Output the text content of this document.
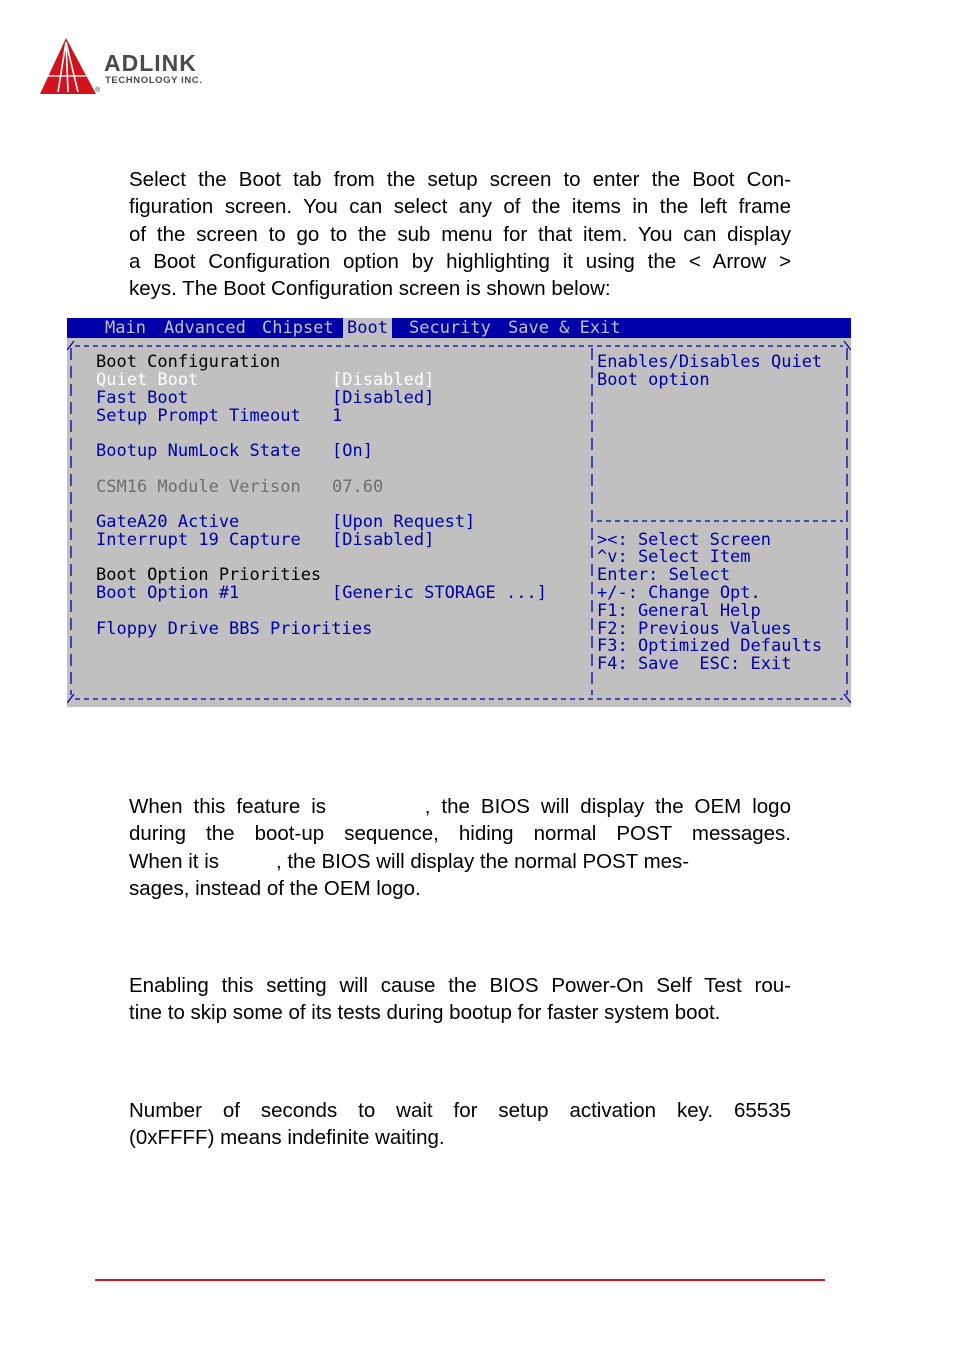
ADLINK
TECHNOLOGY INC.
®
Select the Boot tab from the setup screen to enter the Boot Con-
figuration screen. You can select any of the items in the left frame
of the screen to go to the sub menu for that item. You can display
a Boot Configuration option by highlighting it using the < Arrow >
keys. The Boot Configuration screen is shown below:
Main Advanced Chipset Boot Security Save & Exit
Boot Configuration
Quiet Boot	[Disabled]
Fast Boot	[Disabled]
Setup Prompt Timeout 1
Bootup NumLock State [On]
CSM16 Module Verison 07.60
GateA20 Active	[Upon Request]
Interrupt 19 Capture [Disabled]
Boot Option Priorities
Boot Option #1	[Generic STORAGE ...]
Floppy Drive BBS Priorities
Enables/Disables Quiet
Boot option
><: Select Screen
^v: Select Item
Enter: Select
+/-: Change Opt.
F1: General Help
F2: Previous Values
F3: Optimized Defaults
F4: Save  ESC: Exit
When this feature is         , the BIOS will display the OEM logo
during the boot-up sequence, hiding normal POST messages.
When it is          , the BIOS will display the normal POST mes-
sages, instead of the OEM logo.
Enabling this setting will cause the BIOS Power-On Self Test rou-
tine to skip some of its tests during bootup for faster system boot.
Number of seconds to wait for setup activation key. 65535
(0xFFFF) means indefinite waiting.
